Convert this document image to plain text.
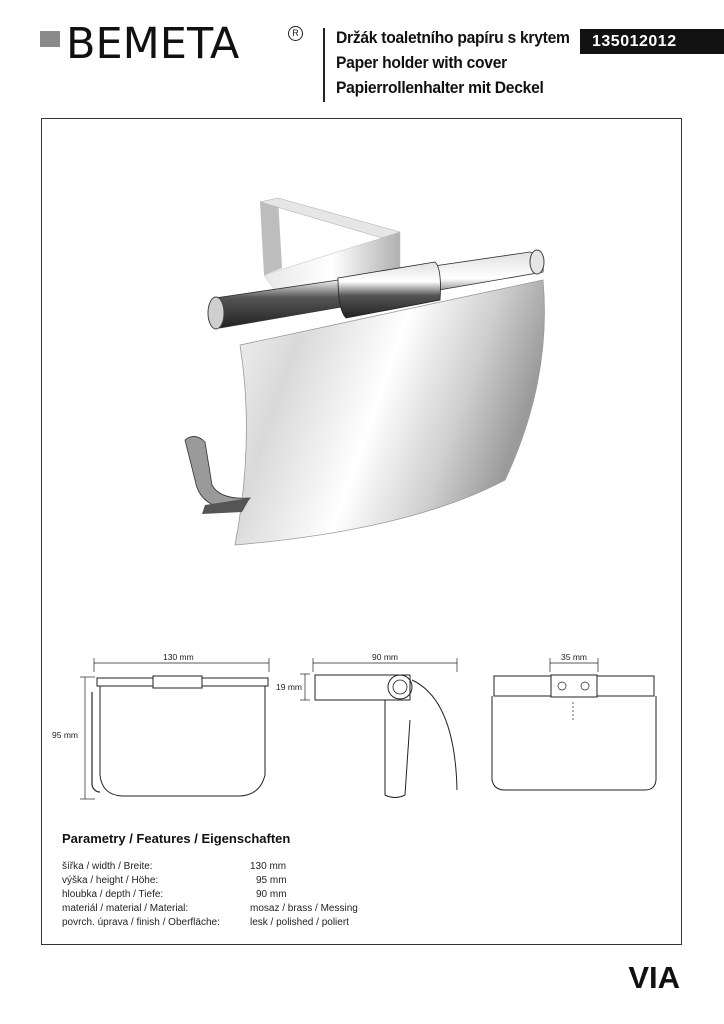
BEMETA	R Držák toaletního papíru s krytem
Paper holder with cover
Papierrollenhalter mit Deckel
135012012
130 mm
95 mm
90 mm
19 mm
35 mm
Parametry / Features / Eigenschaften
šířka / width / Breite:	130 mm
výška / height / Höhe:	95 mm
hloubka / depth / Tiefe:	90 mm
materiál / material / Material:	mosaz / brass / Messing
povrch. úprava / finish / Oberfläche:	lesk / polished / poliert
VIA
